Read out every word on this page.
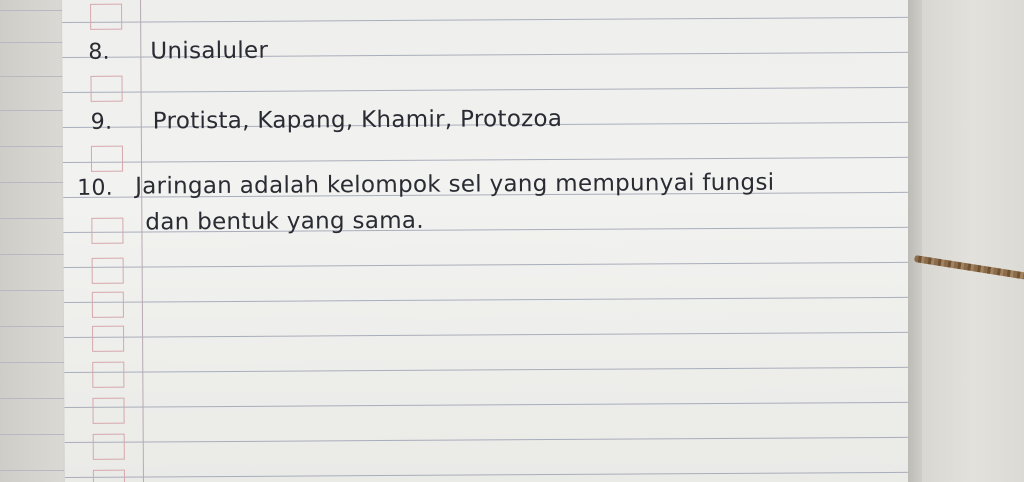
8. Unisaluler
9. Protista, Kapang, Khamir, Protozoa
10. Jaringan adalah kelompok sel yang mempunyai fungsi
dan bentuk yang sama.
